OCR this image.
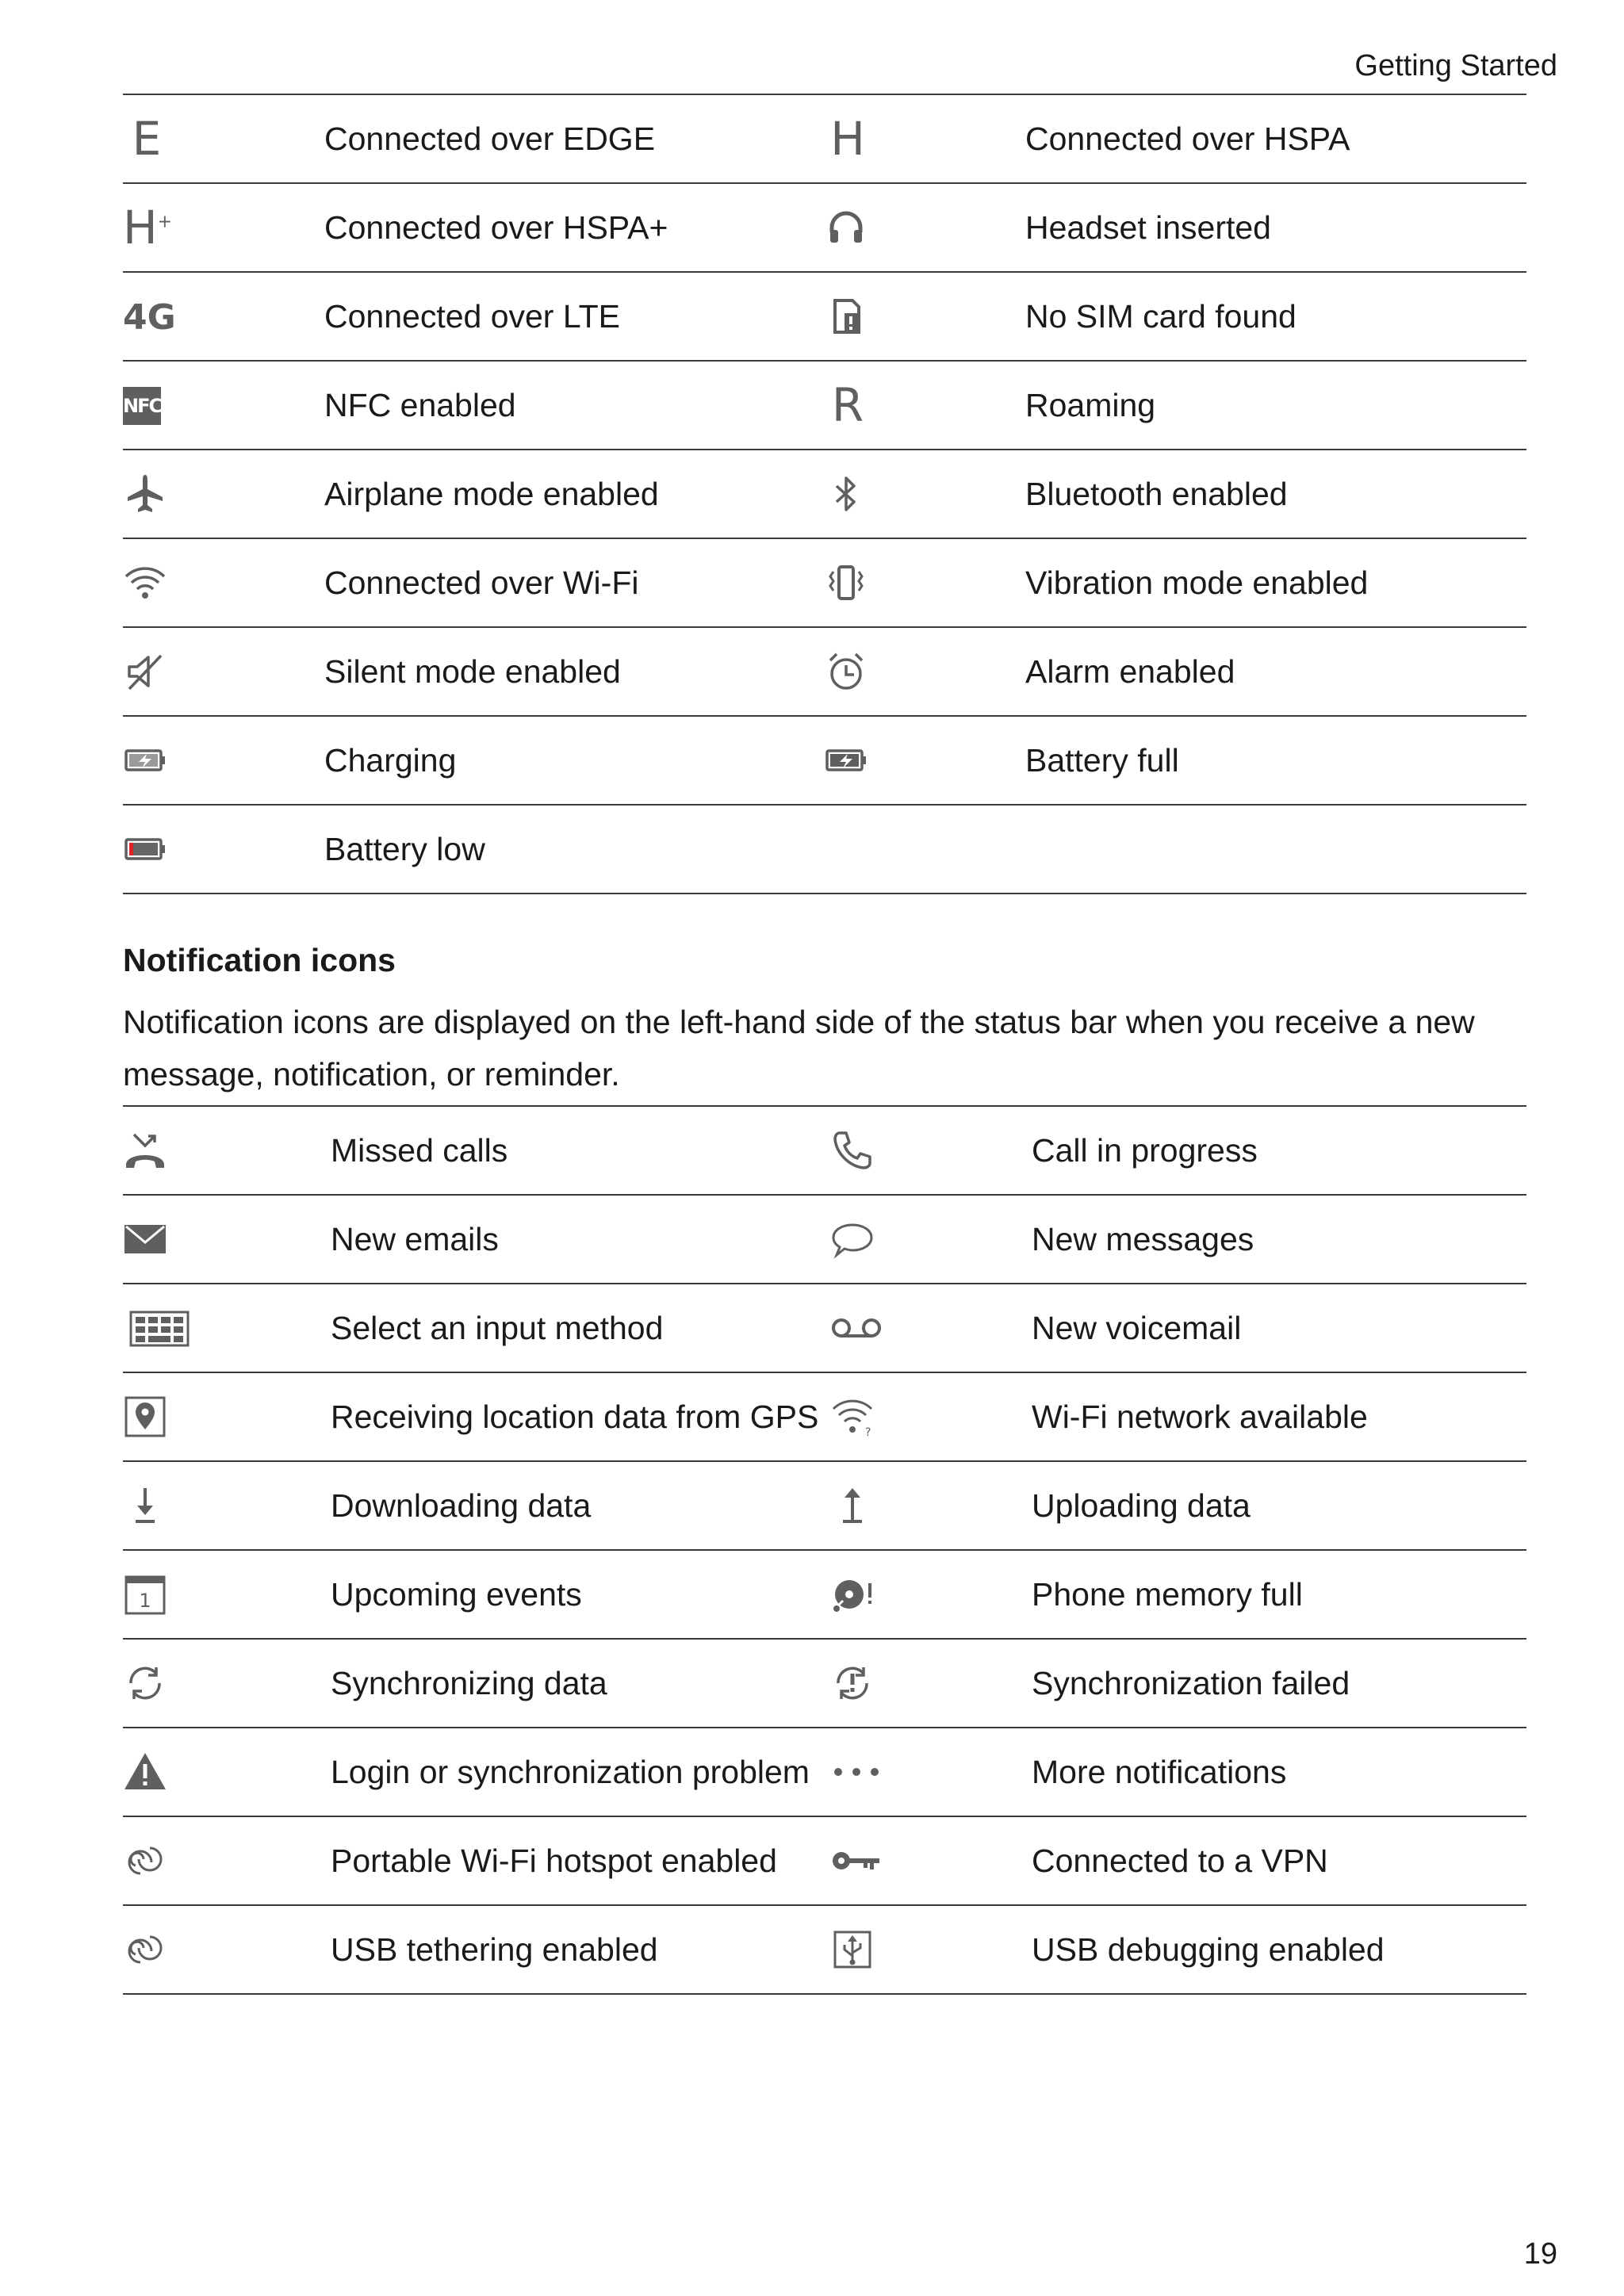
Getting Started
E	Connected over EDGE	H	Connected over HSPA
H+	Connected over HSPA+		Headset inserted
4G	Connected over LTE		No SIM card found
NFC	NFC enabled	R	Roaming

	Airplane mode enabled		Bluetooth enabled

	Connected over Wi-Fi		Vibration mode enabled

	Silent mode enabled		Alarm enabled

	Charging		Battery full

	Battery low		
Notification icons
Notification icons are displayed on the left-hand side of the status bar when you receive a new message, notification, or reminder.
	Missed calls		Call in progress

	New emails		New messages

	Select an input method		New voicemail

	Receiving location data from GPS	?	Wi-Fi network available

	Downloading data		Uploading data

1	Upcoming events		Phone memory full

	Synchronizing data		Synchronization failed

	Login or synchronization problem		More notifications

	Portable Wi-Fi hotspot enabled		Connected to a VPN

	USB tethering enabled		USB debugging enabled
19
